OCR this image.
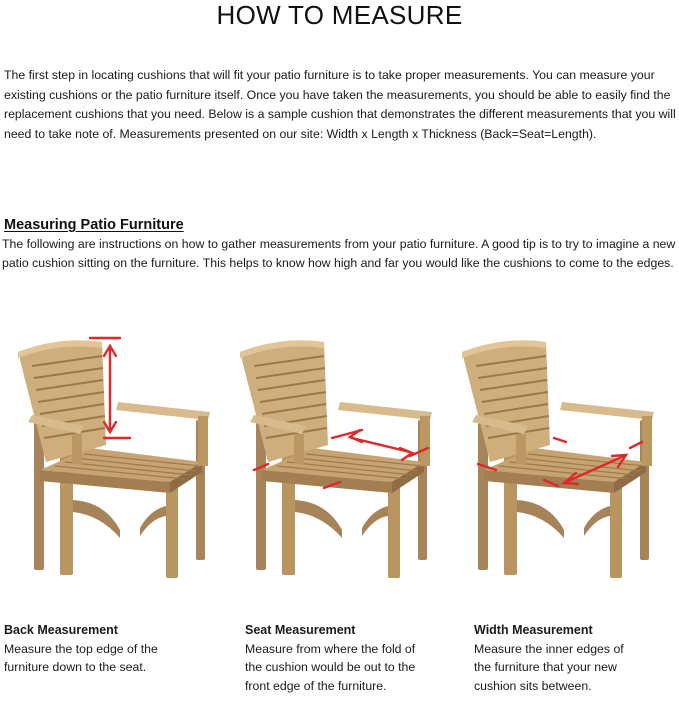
HOW TO MEASURE

The first step in locating cushions that will fit your patio furniture is to take proper measurements. You can measure your existing cushions or the patio furniture itself. Once you have taken the measurements, you should be able to easily find the replacement cushions that you need. Below is a sample cushion that demonstrates the different measurements that you will need to take note of. Measurements presented on our site: Width x Length x Thickness (Back=Seat=Length).

Measuring Patio Furniture

The following are instructions on how to gather measurements from your patio furniture. A good tip is to try to imagine a new patio cushion sitting on the furniture. This helps to know how high and far you would like the cushions to come to the edges.

Back Measurement
Measure the top edge of the furniture down to the seat.
Seat Measurement
Measure from where the fold of the cushion would be out to the front edge of the furniture.
Width Measurement
Measure the inner edges of the furniture that your new cushion sits between.
